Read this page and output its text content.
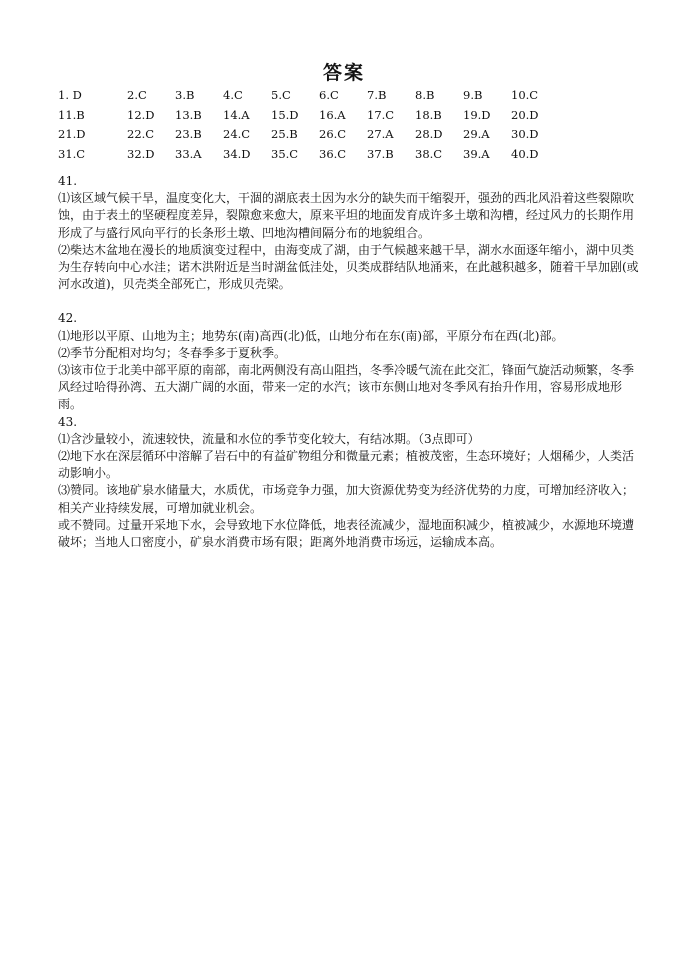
答案
1. D	2.C 3.B 4.C 5.C 6.C 7.B 8.B 9.B 10.C
11.B	12.D 13.B 14.A 15.D 16.A 17.C 18.B 19.D 20.D
21.D	22.C 23.B 24.C 25.B 26.C 27.A 28.D 29.A 30.D
31.C	32.D 33.A 34.D 35.C 36.C 37.B 38.C 39.A 40.D
41.
⑴该区域气候干旱，温度变化大，干涸的湖底表土因为水分的缺失而干缩裂开，强劲的西北风沿着这些裂隙吹蚀，由于表土的坚硬程度差异，裂隙愈来愈大，原来平坦的地面发育成许多土墩和沟槽，经过风力的长期作用形成了与盛行风向平行的长条形土墩、凹地沟槽间隔分布的地貌组合。
⑵柴达木盆地在漫长的地质演变过程中，由海变成了湖，由于气候越来越干旱，湖水水面逐年缩小，湖中贝类为生存转向中心水洼；诺木洪附近是当时湖盆低洼处，贝类成群结队地涌来，在此越积越多，随着干旱加剧(或河水改道)，贝壳类全部死亡，形成贝壳梁。
42.
⑴地形以平原、山地为主；地势东(南)高西(北)低，山地分布在东(南)部，平原分布在西(北)部。
⑵季节分配相对均匀；冬春季多于夏秋季。
⑶该市位于北美中部平原的南部，南北两侧没有高山阻挡，冬季冷暖气流在此交汇，锋面气旋活动频繁，冬季风经过哈得孙湾、五大湖广阔的水面，带来一定的水汽；该市东侧山地对冬季风有抬升作用，容易形成地形雨。
43.
⑴含沙量较小，流速较快，流量和水位的季节变化较大，有结冰期。（3点即可）
⑵地下水在深层循环中溶解了岩石中的有益矿物组分和微量元素；植被茂密，生态环境好；人烟稀少，人类活动影响小。
⑶赞同。该地矿泉水储量大，水质优，市场竞争力强，加大资源优势变为经济优势的力度，可增加经济收入；相关产业持续发展，可增加就业机会。
或不赞同。过量开采地下水，会导致地下水位降低，地表径流减少，湿地面积减少，植被减少，水源地环境遭破坏；当地人口密度小，矿泉水消费市场有限；距离外地消费市场远，运输成本高。
